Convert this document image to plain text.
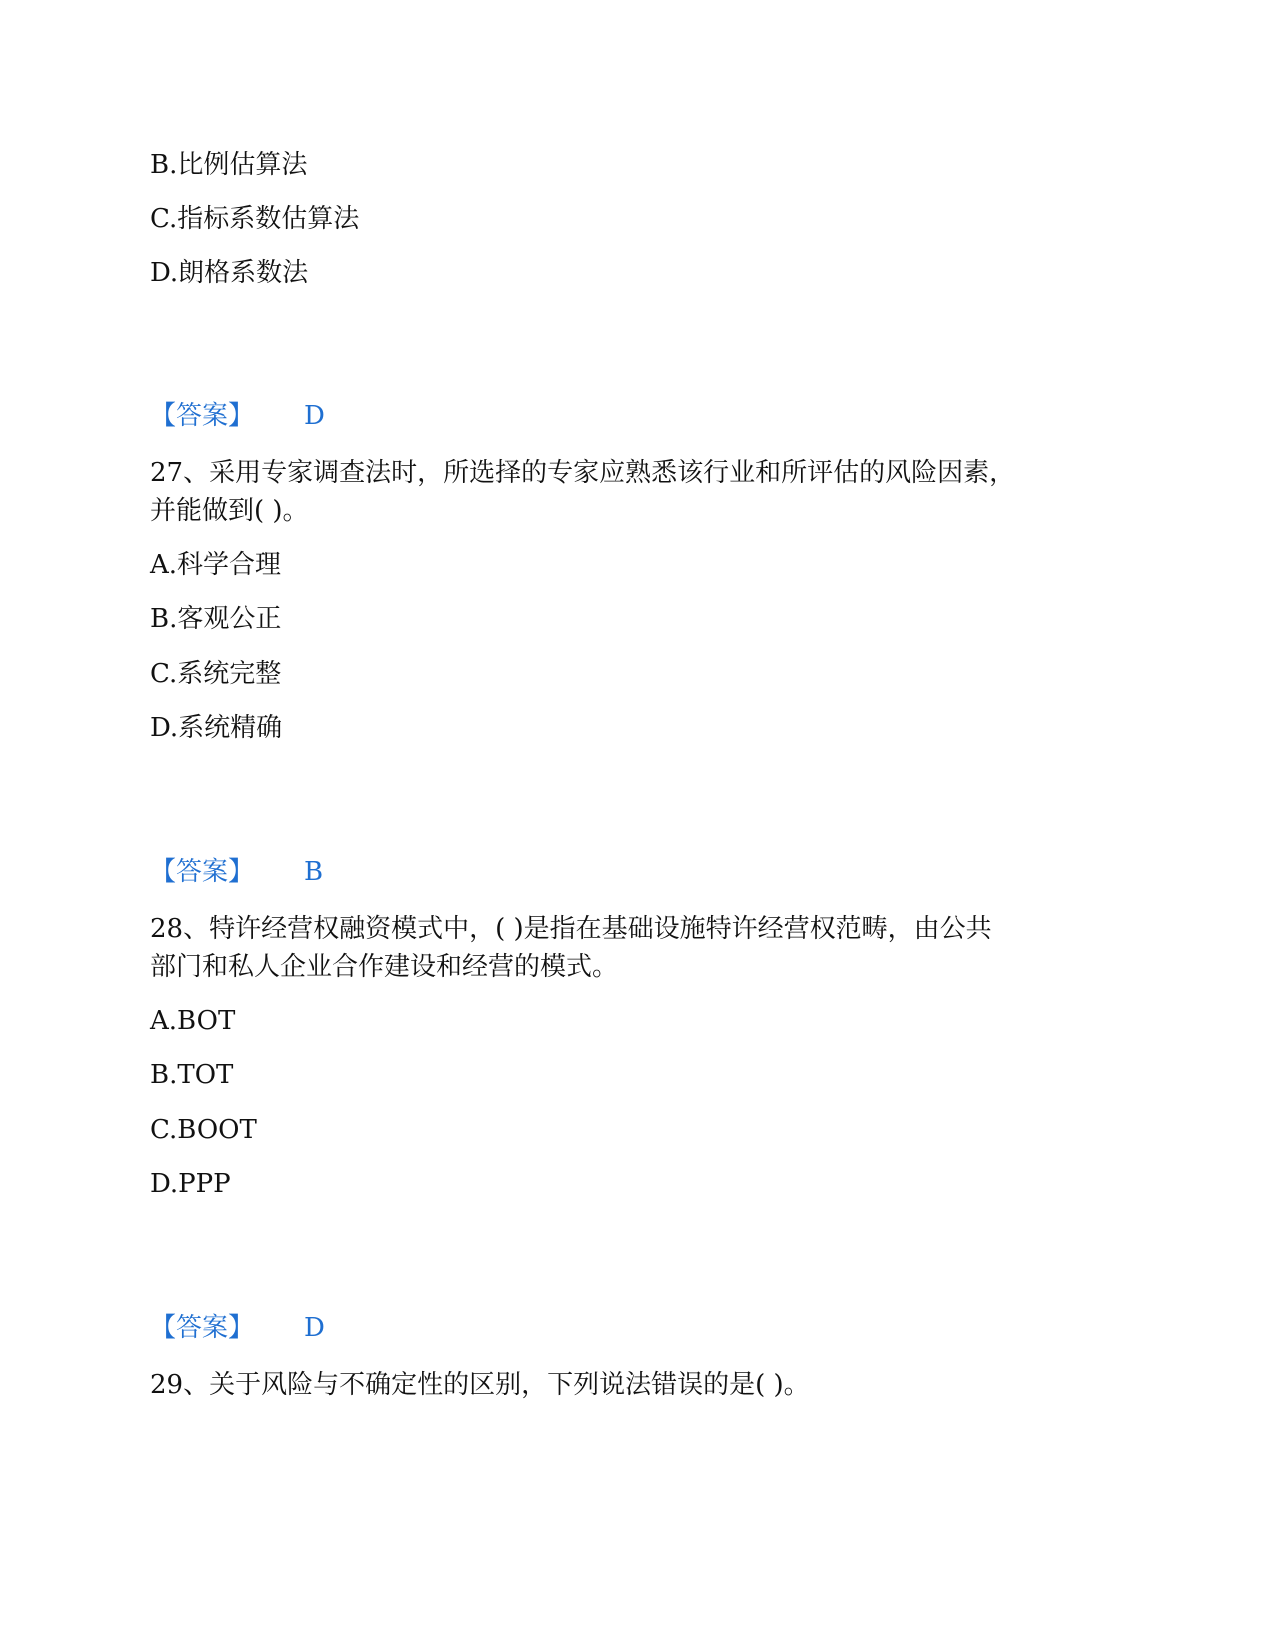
B.比例估算法
C.指标系数估算法
D.朗格系数法
【答案】 D
27、采用专家调查法时，所选择的专家应熟悉该行业和所评估的风险因素，
并能做到( )。
A.科学合理
B.客观公正
C.系统完整
D.系统精确
【答案】 B
28、特许经营权融资模式中，( )是指在基础设施特许经营权范畴，由公共
部门和私人企业合作建设和经营的模式。
A.BOT
B.TOT
C.BOOT
D.PPP
【答案】 D
29、关于风险与不确定性的区别，下列说法错误的是( )。
